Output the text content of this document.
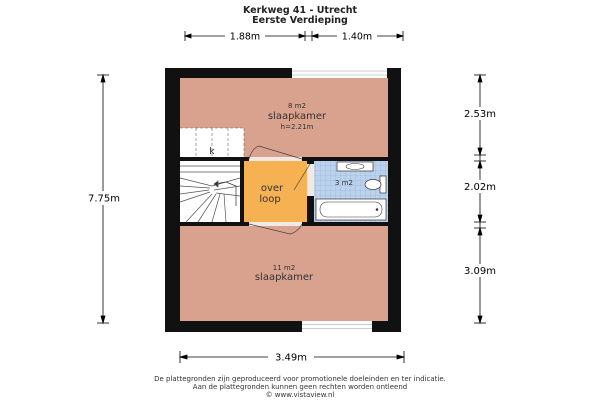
Kerkweg 41 - Utrecht
Eerste Verdieping
1.88m	1.40m
7.75m
2.53m
2.02m
3.09m
3.49m
k
over
loop
3 m2
8 m2
slaapkamer
h=2.21m
11 m2
slaapkamer
De plattegronden zijn geproduceerd voor promotionele doeleinden en ter indicatie.
Aan de plattegronden kunnen geen rechten worden ontleend
© www.vistaview.nl
